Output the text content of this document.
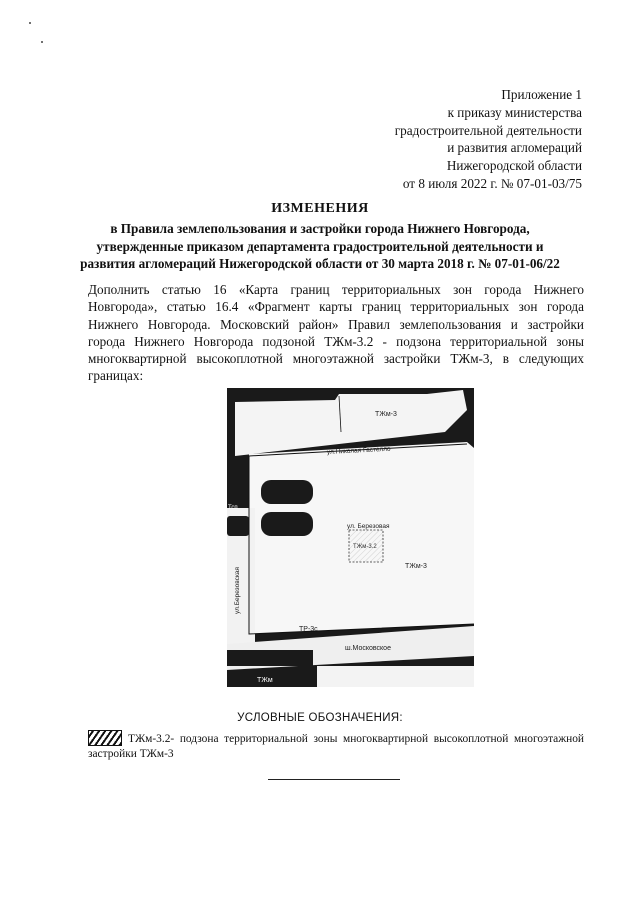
Приложение 1
к приказу министерства
градостроительной деятельности
и развития агломераций
Нижегородской области
от 8 июля 2022 г. № 07-01-03/75
ИЗМЕНЕНИЯ
в Правила землепользования и застройки города Нижнего Новгорода,
утвержденные приказом департамента градостроительной деятельности и
развития агломераций Нижегородской области от 30 марта 2018 г. № 07-01-06/22
Дополнить статью 16 «Карта границ территориальных зон города Нижнего
Новгорода», статью 16.4 «Фрагмент карты границ территориальных зон города
Нижнего Новгорода. Московский район» Правил землепользования и застройки
города Нижнего Новгорода подзоной ТЖм-3.2 - подзона территориальной зоны
многоквартирной высокоплотной многоэтажной застройки ТЖм-3, в следующих
границах:
ТЖм-3
ул.Николая Гастелло
ул. Березовая
ТЖм-3.2
ТЖм-3
Тсп
ул.Березовская
ТР-3с
ш.Московское
ТЖм
УСЛОВНЫЕ ОБОЗНАЧЕНИЯ:
ТЖм-3.2- подзона территориальной зоны многоквартирной высокоплотной многоэтажной застройки ТЖм-3
